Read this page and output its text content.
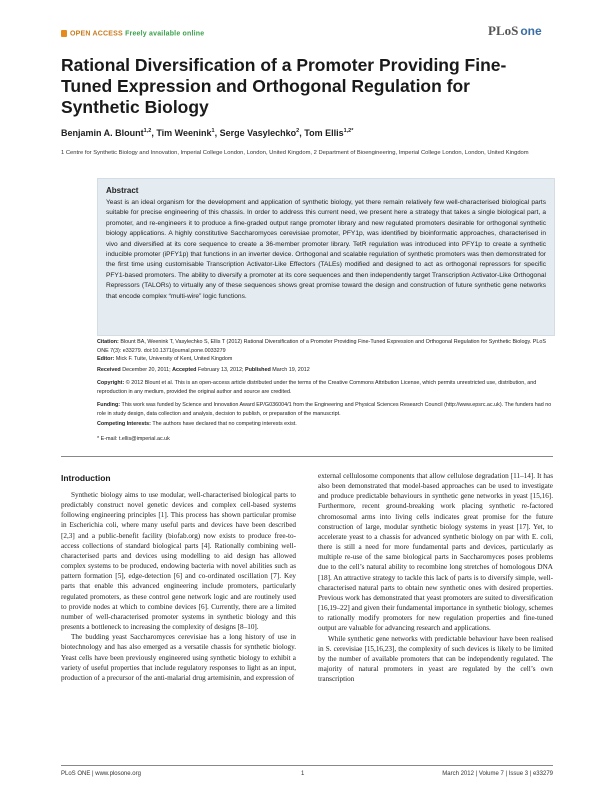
OPEN ACCESS Freely available online	PLoS one
Rational Diversification of a Promoter Providing Fine-Tuned Expression and Orthogonal Regulation for Synthetic Biology
Benjamin A. Blount$^{1,2}$, Tim Weenink$^1$, Serge Vasylechko$^2$, Tom Ellis$^{1,2*}$
1 Centre for Synthetic Biology and Innovation, Imperial College London, London, United Kingdom, 2 Department of Bioengineering, Imperial College London, London, United Kingdom
Abstract
Yeast is an ideal organism for the development and application of synthetic biology, yet there remain relatively few well-characterised biological parts suitable for precise engineering of this chassis. In order to address this current need, we present here a strategy that takes a single biological part, a promoter, and re-engineers it to produce a fine-graded output range promoter library and new regulated promoters desirable for orthogonal synthetic biology applications. A highly constitutive Saccharomyces cerevisiae promoter, PFY1p, was identified by bioinformatic approaches, characterised in vivo and diversified at its core sequence to create a 36-member promoter library. TetR regulation was introduced into PFY1p to create a synthetic inducible promoter (iPFY1p) that functions in an inverter device. Orthogonal and scalable regulation of synthetic promoters was then demonstrated for the first time using customisable Transcription Activator-Like Effectors (TALEs) modified and designed to act as orthogonal repressors for specific PFY1-based promoters. The ability to diversify a promoter at its core sequences and then independently target Transcription Activator-Like Orthogonal Repressors (TALORs) to virtually any of these sequences shows great promise toward the design and construction of future synthetic gene networks that encode complex “multi-wire” logic functions.
Citation: Blount BA, Weenink T, Vasylechko S, Ellis T (2012) Rational Diversification of a Promoter Providing Fine-Tuned Expression and Orthogonal Regulation for Synthetic Biology. PLoS ONE 7(3): e33279. doi:10.1371/journal.pone.0033279
Editor: Mick F. Tuite, University of Kent, United Kingdom
Received December 20, 2011; Accepted February 13, 2012; Published March 19, 2012
Copyright: © 2012 Blount et al. This is an open-access article distributed under the terms of the Creative Commons Attribution License, which permits unrestricted use, distribution, and reproduction in any medium, provided the original author and source are credited.
Funding: This work was funded by Science and Innovation Award EP/G036004/1 from the Engineering and Physical Sciences Research Council (http://www.epsrc.ac.uk). The funders had no role in study design, data collection and analysis, decision to publish, or preparation of the manuscript.
Competing Interests: The authors have declared that no competing interests exist.
* E-mail: t.ellis@imperial.ac.uk
Introduction

Synthetic biology aims to use modular, well-characterised biological parts to predictably construct novel genetic devices and complex cell-based systems following engineering principles [1]. This process has shown particular promise in Escherichia coli, where many useful parts and devices have been described [2,3] and a public-benefit facility (biofab.org) now exists to produce free-to-access collections of standard biological parts [4]. Rationally combining well-characterised parts and devices using modelling to aid design has allowed complex systems to be produced, endowing bacteria with novel abilities such as pattern formation [5], edge-detection [6] and co-ordinated oscillation [7]. Key parts that enable this advanced engineering include promoters, particularly regulated promoters, as these control gene network logic and are routinely used to provide nodes at which to combine devices [6]. Currently, there are a limited number of well-characterised promoter systems in synthetic biology and this presents a bottleneck to increasing the complexity of designs [8–10].

The budding yeast Saccharomyces cerevisiae has a long history of use in biotechnology and has also emerged as a versatile chassis for synthetic biology. Yeast cells have been previously engineered using synthetic biology to exhibit a variety of useful properties that include regulatory responses to light as an input, production of a precursor of the anti-malarial drug artemisinin, and expression of

external cellulosome components that allow cellulose degradation [11–14]. It has also been demonstrated that model-based approaches can be used to investigate and produce predictable behaviours in synthetic gene networks in yeast [15,16]. Furthermore, recent ground-breaking work placing synthetic re-factored chromosomal arms into living cells indicates great promise for the future construction of large, modular synthetic biology systems in yeast [17]. Yet, to accelerate yeast to a chassis for advanced synthetic biology on par with E. coli, there is still a need for more fundamental parts and devices, particularly as multiple re-use of the same biological parts in Saccharomyces poses problems due to the cell’s natural ability to recombine long stretches of homologous DNA [18]. An attractive strategy to tackle this lack of parts is to diversify simple, well-characterised natural parts to obtain new synthetic ones with desired properties. Previous work has demonstrated that yeast promoters are suited to diversification [16,19–22] and given their fundamental importance in synthetic biology, schemes to rationally modify promoters for new regulation properties and fine-tuned output are valuable for advancing research and applications.

While synthetic gene networks with predictable behaviour have been realised in S. cerevisiae [15,16,23], the complexity of such devices is likely to be limited by the number of available promoters that can be independently regulated. The majority of natural promoters in yeast are regulated by the cell’s own transcription

PLoS ONE | www.plosone.org	1	March 2012 | Volume 7 | Issue 3 | e33279
